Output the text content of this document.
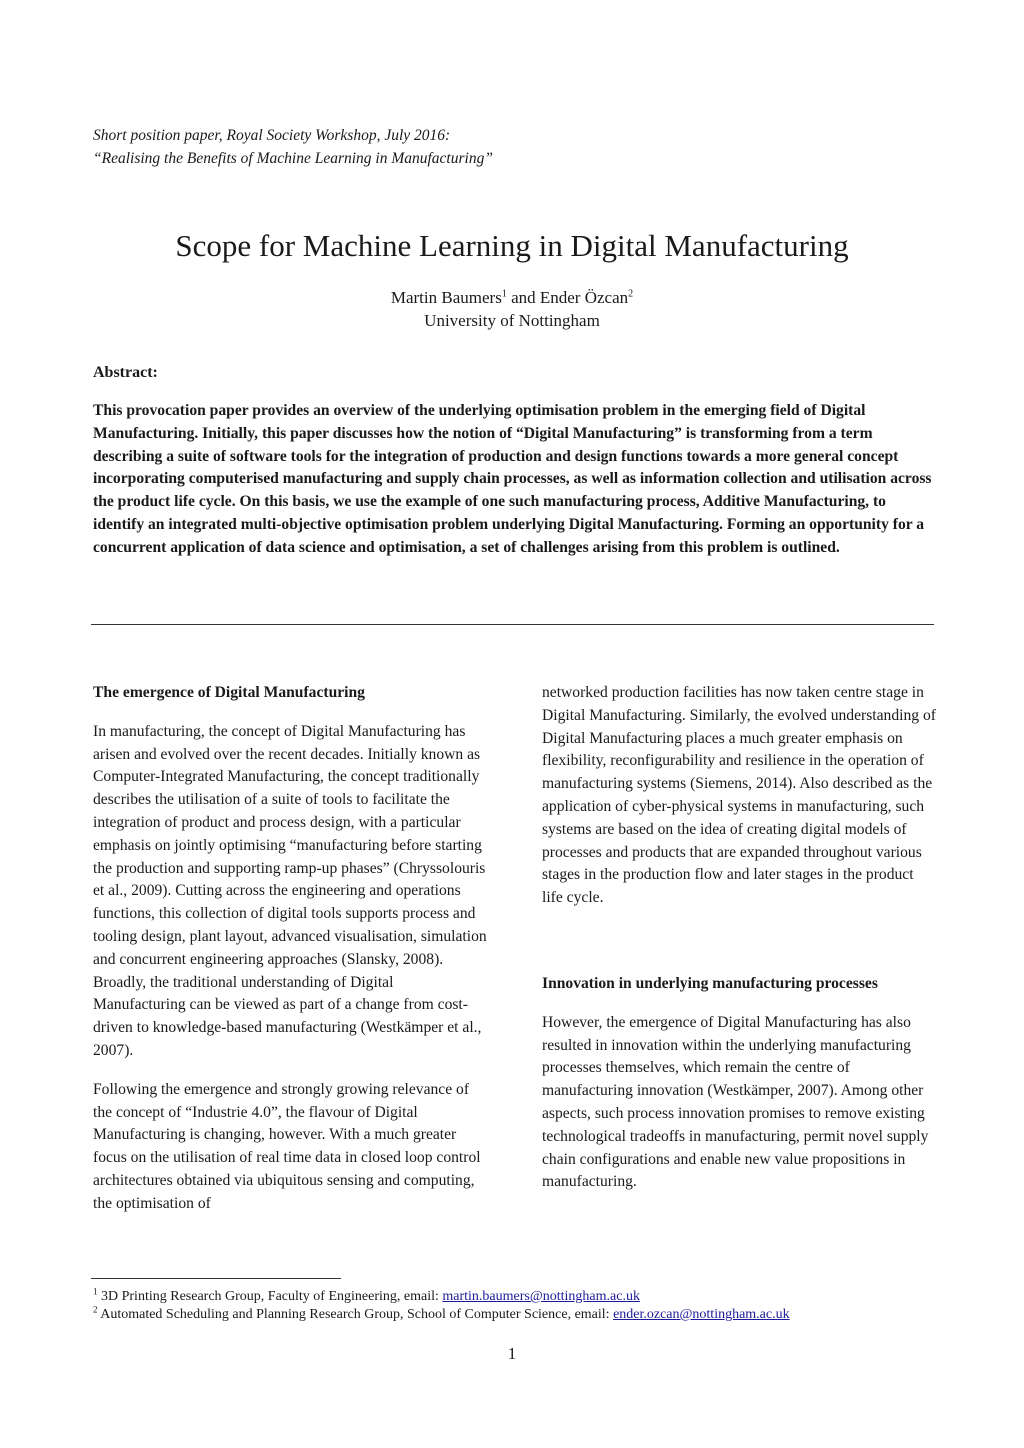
Short position paper, Royal Society Workshop, July 2016:
“Realising the Benefits of Machine Learning in Manufacturing”
Scope for Machine Learning in Digital Manufacturing
Martin Baumers$^1$ and Ender Özcan$^2$
University of Nottingham
Abstract:
This provocation paper provides an overview of the underlying optimisation problem in the emerging field of Digital Manufacturing. Initially, this paper discusses how the notion of “Digital Manufacturing” is transforming from a term describing a suite of software tools for the integration of production and design functions towards a more general concept incorporating computerised manufacturing and supply chain processes, as well as information collection and utilisation across the product life cycle. On this basis, we use the example of one such manufacturing process, Additive Manufacturing, to identify an integrated multi-objective optimisation problem underlying Digital Manufacturing. Forming an opportunity for a concurrent application of data science and optimisation, a set of challenges arising from this problem is outlined.
The emergence of Digital Manufacturing

In manufacturing, the concept of Digital Manufacturing has arisen and evolved over the recent decades. Initially known as Computer-Integrated Manufacturing, the concept traditionally describes the utilisation of a suite of tools to facilitate the integration of product and process design, with a particular emphasis on jointly optimising “manufacturing before starting the production and supporting ramp-up phases” (Chryssolouris et al., 2009). Cutting across the engineering and operations functions, this collection of digital tools supports process and tooling design, plant layout, advanced visualisation, simulation and concurrent engineering approaches (Slansky, 2008). Broadly, the traditional understanding of Digital Manufacturing can be viewed as part of a change from cost-driven to knowledge-based manufacturing (Westkämper et al., 2007).

Following the emergence and strongly growing relevance of the concept of “Industrie 4.0”, the flavour of Digital Manufacturing is changing, however. With a much greater focus on the utilisation of real time data in closed loop control architectures obtained via ubiquitous sensing and computing, the optimisation of

networked production facilities has now taken centre stage in Digital Manufacturing. Similarly, the evolved understanding of Digital Manufacturing places a much greater emphasis on flexibility, reconfigurability and resilience in the operation of manufacturing systems (Siemens, 2014). Also described as the application of cyber-physical systems in manufacturing, such systems are based on the idea of creating digital models of processes and products that are expanded throughout various stages in the production flow and later stages in the product life cycle.

Innovation in underlying manufacturing processes

However, the emergence of Digital Manufacturing has also resulted in innovation within the underlying manufacturing processes themselves, which remain the centre of manufacturing innovation (Westkämper, 2007). Among other aspects, such process innovation promises to remove existing technological tradeoffs in manufacturing, permit novel supply chain configurations and enable new value propositions in manufacturing.

$^1$ 3D Printing Research Group, Faculty of Engineering, email: martin.baumers@nottingham.ac.uk
$^2$ Automated Scheduling and Planning Research Group, School of Computer Science, email: ender.ozcan@nottingham.ac.uk
1
